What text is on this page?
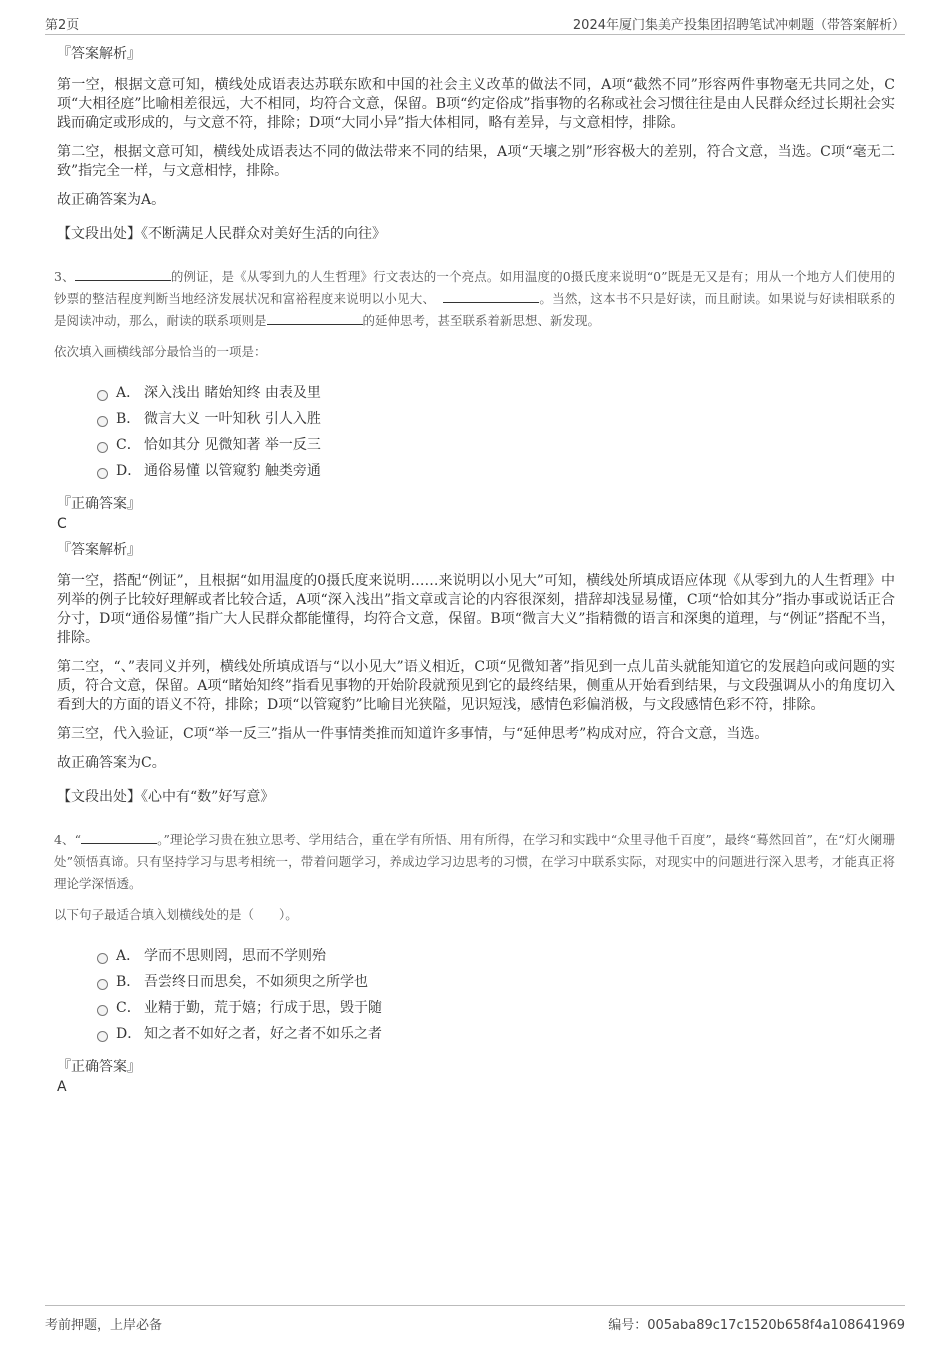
第2页	2024年厦门集美产投集团招聘笔试冲刺题（带答案解析）
『答案解析』

第一空，根据文意可知，横线处成语表达苏联东欧和中国的社会主义改革的做法不同，A项“截然不同”形容两件事物毫无共同之处，C项“大相径庭”比喻相差很远，大不相同，均符合文意，保留。B项“约定俗成”指事物的名称或社会习惯往往是由人民群众经过长期社会实践而确定或形成的，与文意不符，排除；D项“大同小异”指大体相同，略有差异，与文意相悖，排除。

第二空，根据文意可知，横线处成语表达不同的做法带来不同的结果，A项“天壤之别”形容极大的差别，符合文意，当选。C项“毫无二致”指完全一样，与文意相悖，排除。

故正确答案为A。

【文段出处】《不断满足人民群众对美好生活的向往》

3、	的例证，是《从零到九的人生哲理》行文表达的一个亮点。如用温度的0摄氏度来说明“0”既是无又是有；用从一个地方人们使用的钞票的整洁程度判断当地经济发展状况和富裕程度来说明以小见大、	。当然，这本书不只是好读，而且耐读。如果说与好读相联系的是阅读冲动，那么，耐读的联系项则是	的延伸思考，甚至联系着新思想、新发现。

依次填入画横线部分最恰当的一项是：
A． 深入浅出 睹始知终 由表及里
B． 微言大义 一叶知秋 引人入胜
C． 恰如其分 见微知著 举一反三
D． 通俗易懂 以管窥豹 触类旁通
『正确答案』
C
『答案解析』

第一空，搭配“例证”，且根据“如用温度的0摄氏度来说明……来说明以小见大”可知，横线处所填成语应体现《从零到九的人生哲理》中列举的例子比较好理解或者比较合适，A项“深入浅出”指文章或言论的内容很深刻，措辞却浅显易懂，C项“恰如其分”指办事或说话正合分寸，D项“通俗易懂”指广大人民群众都能懂得，均符合文意，保留。B项“微言大义”指精微的语言和深奥的道理，与“例证”搭配不当，排除。

第二空，“、”表同义并列，横线处所填成语与“以小见大”语义相近，C项“见微知著”指见到一点儿苗头就能知道它的发展趋向或问题的实质，符合文意，保留。A项“睹始知终”指看见事物的开始阶段就预见到它的最终结果，侧重从开始看到结果，与文段强调从小的角度切入看到大的方面的语义不符，排除；D项“以管窥豹”比喻目光狭隘，见识短浅，感情色彩偏消极，与文段感情色彩不符，排除。

第三空，代入验证，C项“举一反三”指从一件事情类推而知道许多事情，与“延伸思考”构成对应，符合文意，当选。

故正确答案为C。

【文段出处】《心中有“数”好写意》

4、“	。”理论学习贵在独立思考、学用结合，重在学有所悟、用有所得，在学习和实践中“众里寻他千百度”，最终“蓦然回首”，在“灯火阑珊处”领悟真谛。只有坚持学习与思考相统一，带着问题学习，养成边学习边思考的习惯，在学习中联系实际，对现实中的问题进行深入思考，才能真正将理论学深悟透。

以下句子最适合填入划横线处的是（　　）。
A． 学而不思则罔，思而不学则殆
B． 吾尝终日而思矣，不如须臾之所学也
C． 业精于勤，荒于嬉；行成于思，毁于随
D． 知之者不如好之者，好之者不如乐之者
『正确答案』
A
考前押题，上岸必备	编号：005aba89c17c1520b658f4a108641969
